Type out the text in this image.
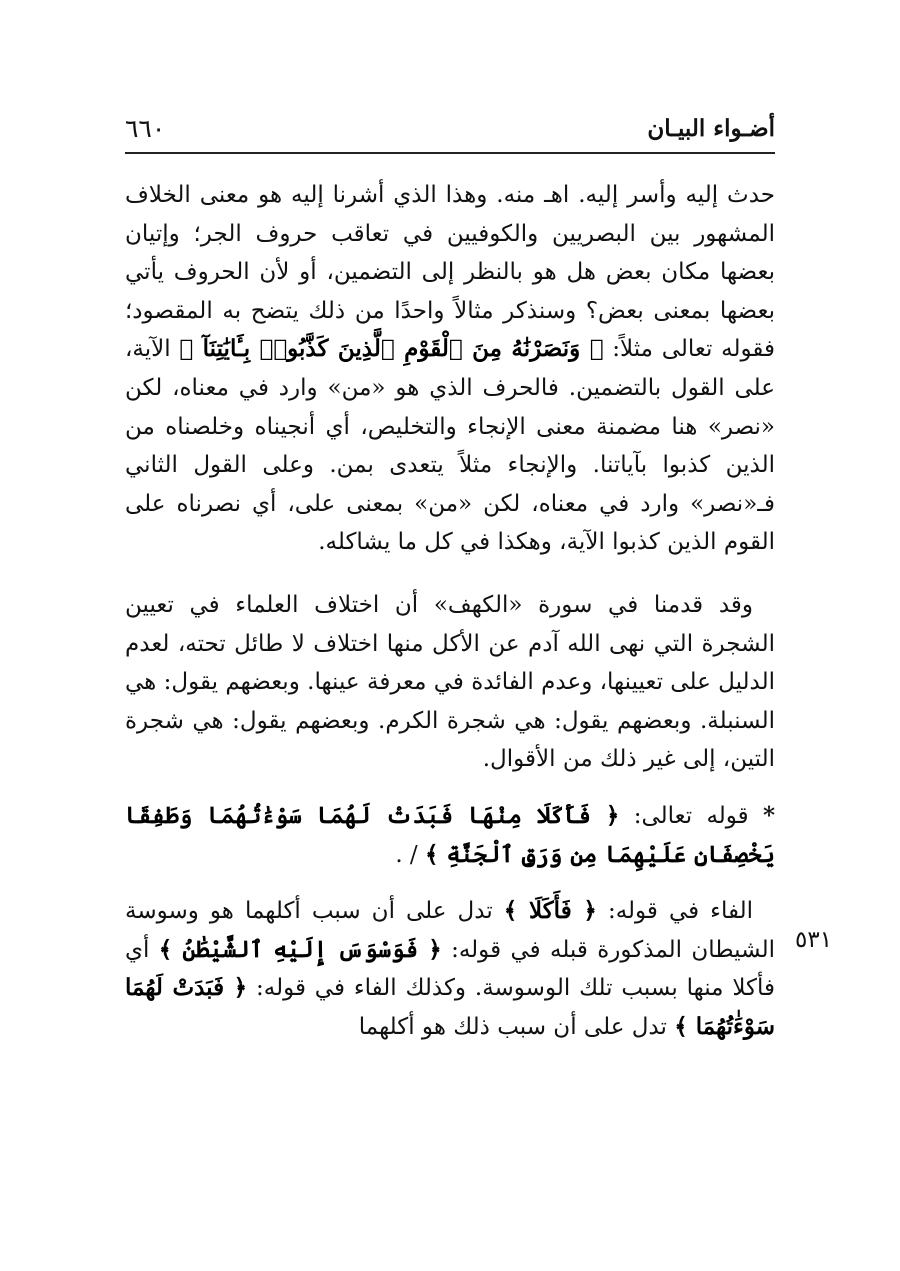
٦٦٠	أضـواء البيـان
٥٣١

حدث إليه وأسر إليه. اهـ منه. وهذا الذي أشرنا إليه هو معنى الخلاف المشهور بين البصريين والكوفيين في تعاقب حروف الجر؛ وإتيان بعضها مكان بعض هل هو بالنظر إلى التضمين، أو لأن الحروف يأتي بعضها بمعنى بعض؟ وسنذكر مثالاً واحدًا من ذلك يتضح به المقصود؛ فقوله تعالى مثلاً: ﴿ وَنَصَرْنَٰهُ مِنَ ٱلْقَوْمِ ٱلَّذِينَ كَذَّبُوا۟ بِـَٔايَٰتِنَآ ﴾ الآية، على القول بالتضمين. فالحرف الذي هو «من» وارد في معناه، لكن «نصر» هنا مضمنة معنى الإنجاء والتخليص، أي أنجيناه وخلصناه من الذين كذبوا بآياتنا. والإنجاء مثلاً يتعدى بمن. وعلى القول الثاني فـ«نصر» وارد في معناه، لكن «من» بمعنى على، أي نصرناه على القوم الذين كذبوا الآية، وهكذا في كل ما يشاكله.

وقد قدمنا في سورة «الكهف» أن اختلاف العلماء في تعيين الشجرة التي نهى الله آدم عن الأكل منها اختلاف لا طائل تحته، لعدم الدليل على تعيينها، وعدم الفائدة في معرفة عينها. وبعضهم يقول: هي السنبلة. وبعضهم يقول: هي شجرة الكرم. وبعضهم يقول: هي شجرة التين، إلى غير ذلك من الأقوال.

* قوله تعالى: ﴿ فَأَكَلَا مِنْهَا فَبَدَتْ لَهُمَا سَوْءَٰتُهُمَا وَطَفِقَا يَخْصِفَانِ عَلَيْهِمَا مِن وَرَقِ ٱلْجَنَّةِ ﴾ / .

الفاء في قوله: ﴿ فَأَكَلَا ﴾ تدل على أن سبب أكلهما هو وسوسة الشيطان المذكورة قبله في قوله: ﴿ فَوَسْوَسَ إِلَيْهِ ٱلشَّيْطَٰنُ ﴾ أي فأكلا منها بسبب تلك الوسوسة. وكذلك الفاء في قوله: ﴿ فَبَدَتْ لَهُمَا سَوْءَٰتُهُمَا ﴾ تدل على أن سبب ذلك هو أكلهما
